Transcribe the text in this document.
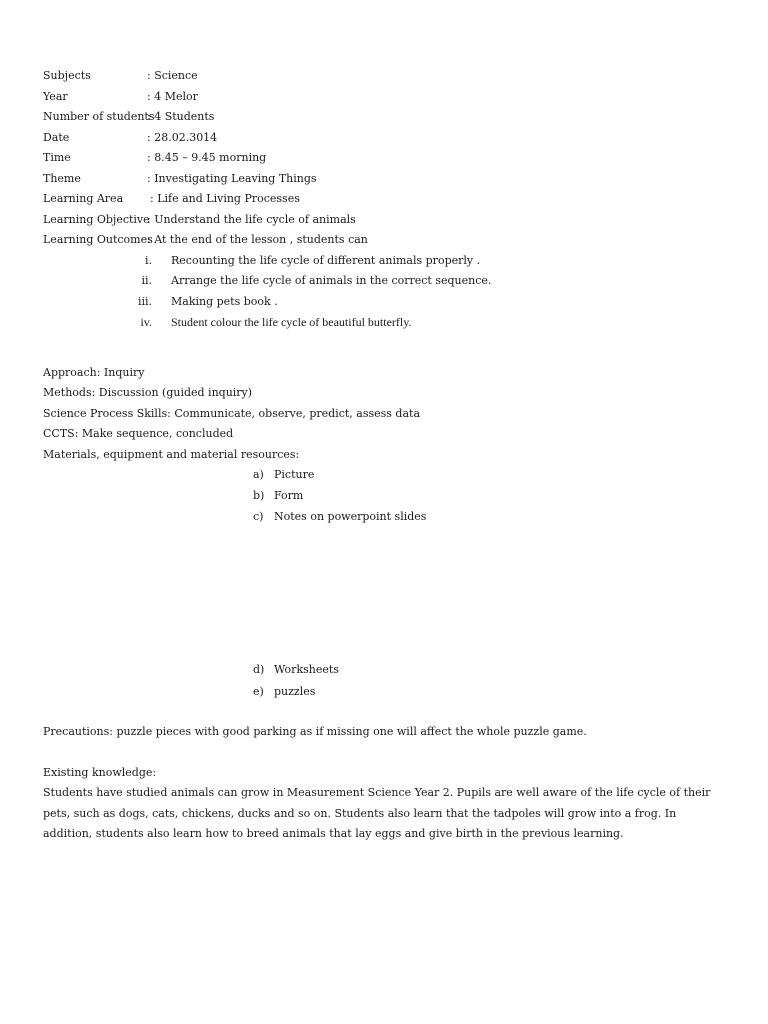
Subjects	: Science
Year	: 4 Melor
Number of students
: 4 Students
Date	: 28.02.3014
Time	: 8.45 – 9.45 morning
Theme	: Investigating Leaving Things
Learning Area : Life and Living Processes
Learning Objective
: Understand the life cycle of animals
Learning Outcomes
: At the end of the lesson , students can
i. Recounting the life cycle of different animals properly .
ii. Arrange the life cycle of animals in the correct sequence.
iii. Making pets book .
iv. Student colour the life cycle of beautiful butterfly.
Approach: Inquiry
Methods: Discussion (guided inquiry)
Science Process Skills: Communicate, observe, predict, assess data
CCTS: Make sequence, concluded
Materials, equipment and material resources:
a) Picture
b) Form
c) Notes on powerpoint slides
d) Worksheets
e) puzzles
Precautions: puzzle pieces with good parking as if missing one will affect the whole puzzle game.
Existing knowledge:
Students have studied animals can grow in Measurement Science Year 2. Pupils are well aware of the life cycle of their pets, such as dogs, cats, chickens, ducks and so on. Students also learn that the tadpoles will grow into a frog. In addition, students also learn how to breed animals that lay eggs and give birth in the previous learning.
